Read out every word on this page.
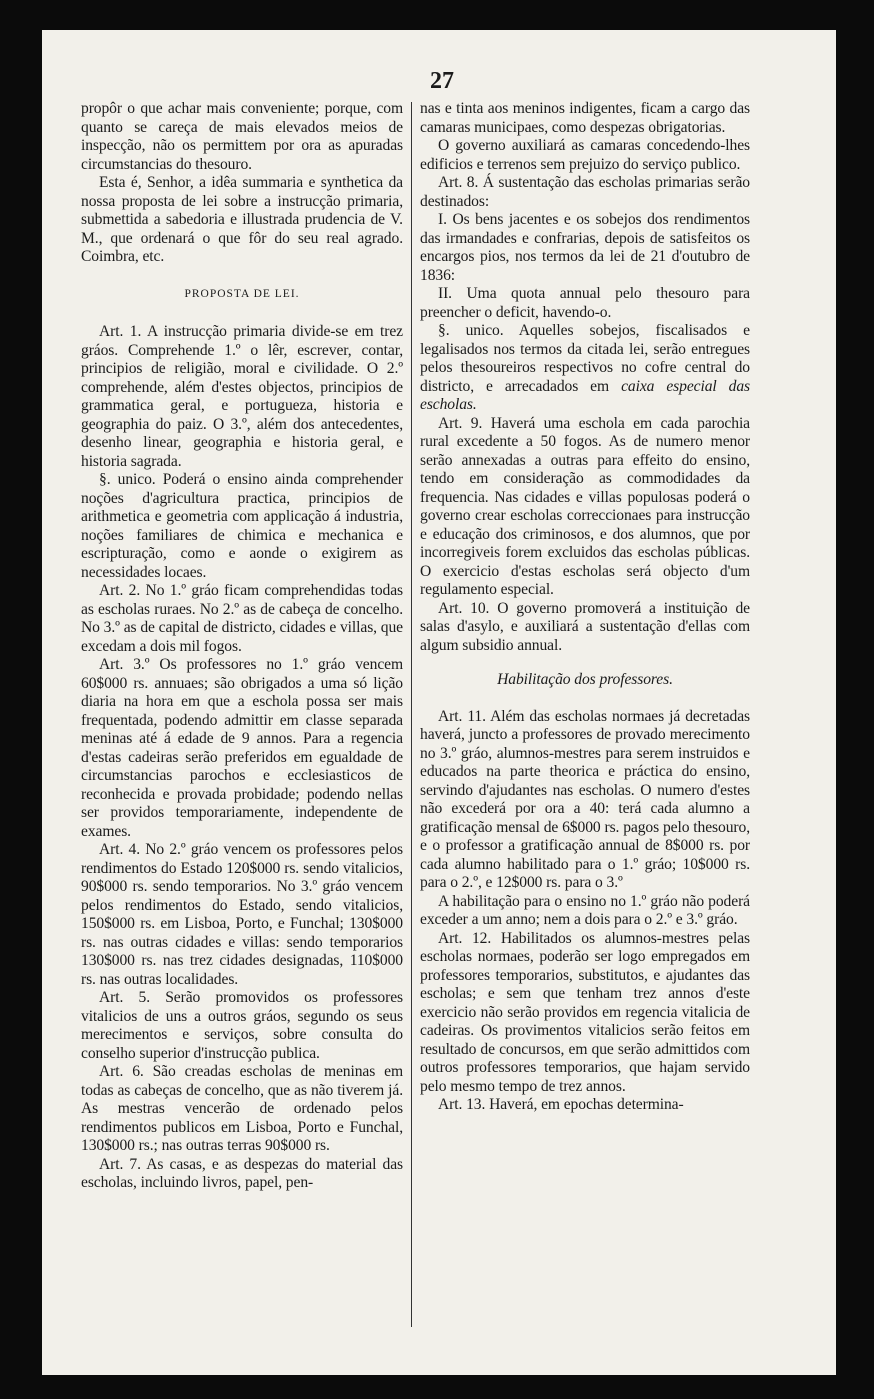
27

propôr o que achar mais conveniente; porque, com quanto se careça de mais elevados meios de inspecção, não os permittem por ora as apuradas circumstancias do thesouro.

Esta é, Senhor, a idêa summaria e synthetica da nossa proposta de lei sobre a instrucção primaria, submettida a sabedoria e illustrada prudencia de V. M., que ordenará o que fôr do seu real agrado. Coimbra, etc.

PROPOSTA DE LEI.

Art. 1. A instrucção primaria divide-se em trez gráos. Comprehende 1.º o lêr, escrever, contar, principios de religião, moral e civilidade. O 2.º comprehende, além d'estes objectos, principios de grammatica geral, e portugueza, historia e geographia do paiz. O 3.º, além dos antecedentes, desenho linear, geographia e historia geral, e historia sagrada.

§. unico. Poderá o ensino ainda comprehender noções d'agricultura practica, principios de arithmetica e geometria com applicação á industria, noções familiares de chimica e mechanica e escripturação, como e aonde o exigirem as necessidades locaes.

Art. 2. No 1.º gráo ficam comprehendidas todas as escholas ruraes. No 2.º as de cabeça de concelho. No 3.º as de capital de districto, cidades e villas, que excedam a dois mil fogos.

Art. 3.º Os professores no 1.º gráo vencem 60$000 rs. annuaes; são obrigados a uma só lição diaria na hora em que a eschola possa ser mais frequentada, podendo admittir em classe separada meninas até á edade de 9 annos. Para a regencia d'estas cadeiras serão preferidos em egualdade de circumstancias parochos e ecclesiasticos de reconhecida e provada probidade; podendo nellas ser providos temporariamente, independente de exames.

Art. 4. No 2.º gráo vencem os professores pelos rendimentos do Estado 120$000 rs. sendo vitalicios, 90$000 rs. sendo temporarios. No 3.º gráo vencem pelos rendimentos do Estado, sendo vitalicios, 150$000 rs. em Lisboa, Porto, e Funchal; 130$000 rs. nas outras cidades e villas: sendo temporarios 130$000 rs. nas trez cidades designadas, 110$000 rs. nas outras localidades.

Art. 5. Serão promovidos os professores vitalicios de uns a outros gráos, segundo os seus merecimentos e serviços, sobre consulta do conselho superior d'instrucção publica.

Art. 6. São creadas escholas de meninas em todas as cabeças de concelho, que as não tiverem já. As mestras vencerão de ordenado pelos rendimentos publicos em Lisboa, Porto e Funchal, 130$000 rs.; nas outras terras 90$000 rs.

Art. 7. As casas, e as despezas do material das escholas, incluindo livros, papel, pen-

nas e tinta aos meninos indigentes, ficam a cargo das camaras municipaes, como despezas obrigatorias.

O governo auxiliará as camaras concedendo-lhes edificios e terrenos sem prejuizo do serviço publico.

Art. 8. Á sustentação das escholas primarias serão destinados:

I. Os bens jacentes e os sobejos dos rendimentos das irmandades e confrarias, depois de satisfeitos os encargos pios, nos termos da lei de 21 d'outubro de 1836:

II. Uma quota annual pelo thesouro para preencher o deficit, havendo-o.

§. unico. Aquelles sobejos, fiscalisados e legalisados nos termos da citada lei, serão entregues pelos thesoureiros respectivos no cofre central do districto, e arrecadados em caixa especial das escholas.

Art. 9. Haverá uma eschola em cada parochia rural excedente a 50 fogos. As de numero menor serão annexadas a outras para effeito do ensino, tendo em consideração as commodidades da frequencia. Nas cidades e villas populosas poderá o governo crear escholas correccionaes para instrucção e educação dos criminosos, e dos alumnos, que por incorregiveis forem excluidos das escholas públicas. O exercicio d'estas escholas será objecto d'um regulamento especial.

Art. 10. O governo promoverá a instituição de salas d'asylo, e auxiliará a sustentação d'ellas com algum subsidio annual.

Habilitação dos professores.

Art. 11. Além das escholas normaes já decretadas haverá, juncto a professores de provado merecimento no 3.º gráo, alumnos-mestres para serem instruidos e educados na parte theorica e práctica do ensino, servindo d'ajudantes nas escholas. O numero d'estes não excederá por ora a 40: terá cada alumno a gratificação mensal de 6$000 rs. pagos pelo thesouro, e o professor a gratificação annual de 8$000 rs. por cada alumno habilitado para o 1.º gráo; 10$000 rs. para o 2.º, e 12$000 rs. para o 3.º

A habilitação para o ensino no 1.º gráo não poderá exceder a um anno; nem a dois para o 2.º e 3.º gráo.

Art. 12. Habilitados os alumnos-mestres pelas escholas normaes, poderão ser logo empregados em professores temporarios, substitutos, e ajudantes das escholas; e sem que tenham trez annos d'este exercicio não serão providos em regencia vitalicia de cadeiras. Os provimentos vitalicios serão feitos em resultado de concursos, em que serão admittidos com outros professores temporarios, que hajam servido pelo mesmo tempo de trez annos.

Art. 13. Haverá, em epochas determina-
